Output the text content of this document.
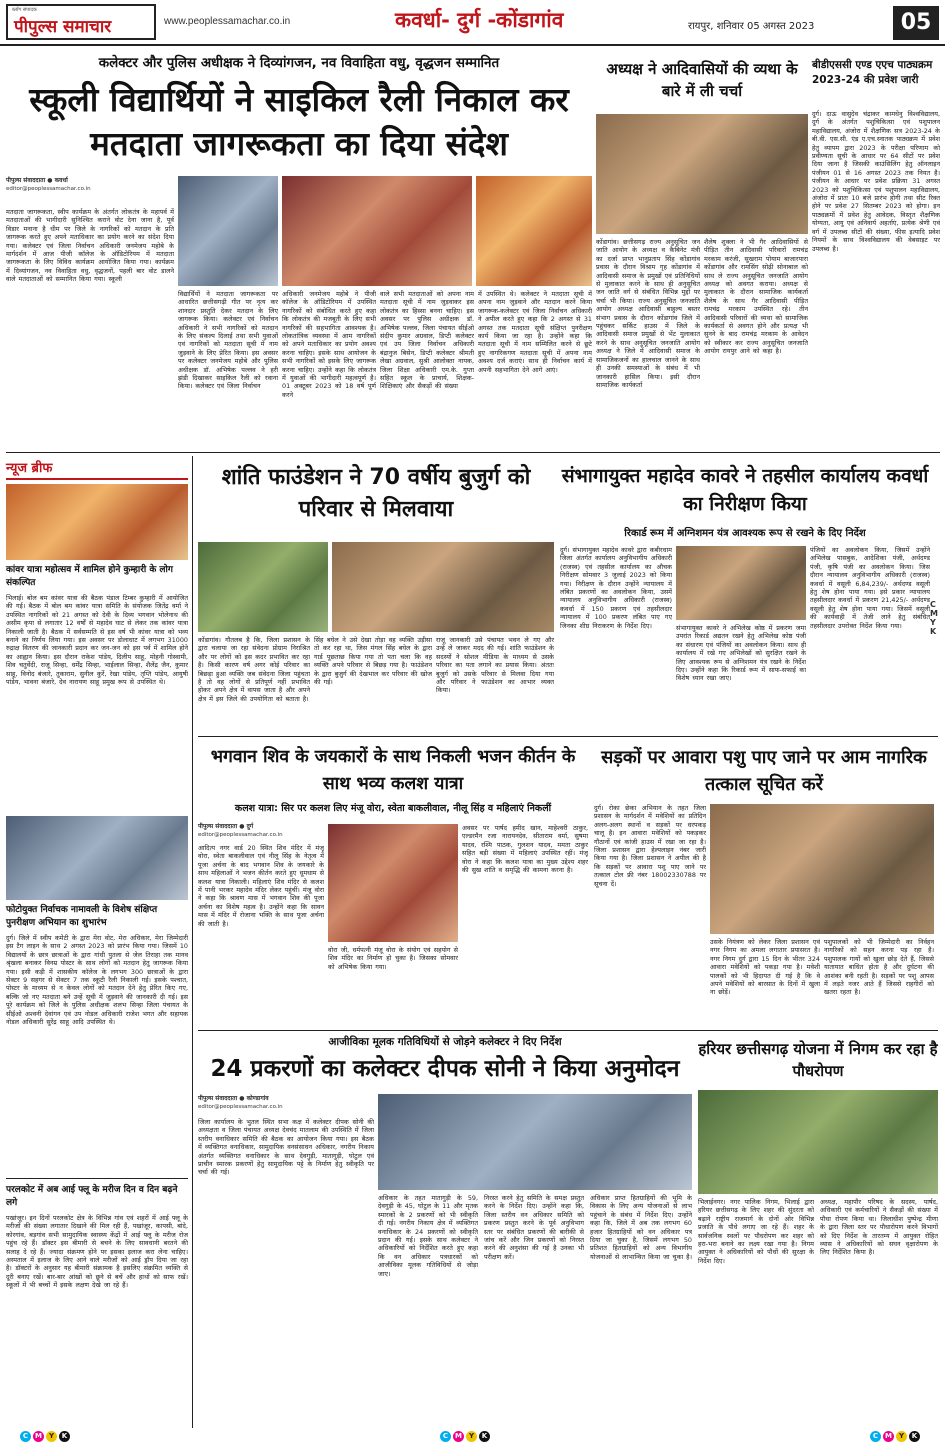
ब्लाॅग संपादक
पीपुल्स समाचार	www.peoplessamachar.co.in	कवर्धा- दुर्ग -कोंडागांव	रायपुर, शनिवार 05 अगस्त 2023	05
कलेक्टर और पुलिस अधीक्षक ने दिव्यांगजन, नव विवाहिता वधु, वृद्धजन सम्मानित
स्कूली विद्यार्थियों ने साइकिल रैली निकाल कर मतदाता जागरूकता का दिया संदेश
पीपुल्स संवाददाता ● कवर्धा
editor@peoplessamachar.co.in
मतदाता जागरूकता, स्वीप कार्यक्रम के अंतर्गत लोकतंत्र के महापर्व में मतदाताओं की भागीदारी सुनिश्चित कराने वोट देना जाना है, पूर्व विडार मनाना है धीम पर जिले के नागरिकों को मतदान के प्रति जागरूक करते हुए अपने मताधिकार का प्रयोग करने का संदेश दिया गया। कलेक्टर एवं जिला निर्वाचन अधिकारी जनमेजय महोबे के मार्गदर्शन में आज पीजी कॉलेज के ऑडिटोरियम में मतदाता जागरूकता के लिए विविध कार्यक्रम आयोजित किया गया। कार्यक्रम में दिव्यांगजन, नव विवाहिता वधु, वृद्धजनों, पहली बार वोट डालने वाले मतदाताओं को सम्मानित किया गया। स्कूली
विद्यार्थियों ने मतदाता जागरूकता पर आधारित छत्तीसगढ़ी गीत पर नृत्य कर शानदार प्रस्तुति देकर मतदान के लिए जागरूक किया। कलेक्टर एवं निर्वाचन अधिकारी ने सभी नागरिकों को मतदान के लिए संकल्प दिलाई तथा सभी युवाओं एवं नागरिकों को मतदाता सूची में नाम जुड़वाने के लिए प्रेरित किया। इस अवसर पर कलेक्टर जनमेजय महोबे और पुलिस अधीक्षक डॉ. अभिषेक पल्लव ने हरी झंडी दिखाकर साइकिल रैली को रवाना किया। कलेक्टर एवं जिला निर्वाचन
अधिकारी जनमेजय महोबे ने पीजी कॉलेज के ऑडिटोरियम में उपस्थित नागरिकों को संबोधित करते हुए कहा कि लोकतंत्र की मजबूती के लिए सभी नागरिकों की सहभागिता आवश्यक है। लोकतांत्रिक व्यवस्था में आम नागरिकों को अपने मताधिकार का प्रयोग अवश्य करना चाहिए। इसके साथ आयोजन के सभी नागरिकों को इसके लिए जागरूक करना चाहिए। उन्होंने कहा कि लोकतंत्र में युवाओं की भागीदारी महत्वपूर्ण है। 01 अक्टूबर 2023 को 18 वर्ष पूर्ण करने
वाले सभी मतदाताओं को अपना नाम मतदाता सूची में नाम जुड़वाकर इस लोकतंत्र का हिस्सा बनना चाहिए। इस अवसर पर पुलिस अधीक्षक डॉ. अभिषेक पल्लव, जिला पंचायत सीईओ संदीप कुमार अग्रवाल, डिप्टी कलेक्टर एवं उप जिला निर्वाचन अधिकारी बंद्रानुज बिसेन, डिप्टी कलेक्टर श्रीमती लेखा अग्रवाल, सुश्री आलोक्ता नायक, जिला शिक्षा अधिकारी एम.के. गुप्ता सहित स्कूल के प्राचार्य, शिक्षक-शिक्षिकाएं और सैकड़ों की संख्या
में उपस्थित थे। कलेक्टर ने मतदाता सूची में अपना नाम जुड़वाने और मतदान करने किया जागरूक-कलेक्टर एवं जिला निर्वाचन अधिकारी ने अपील करते हुए कहा कि 2 अगस्त से 31 अगस्त तक मतदाता सूची संक्षिप्त पुनरीक्षण कार्य किया जा रहा है। उन्होंने कहा कि मतदाता सूची में नाम सम्मिलित करने से छूटे हुए नागरिकगण मतदाता सूची में अपना नाम अवश्य दर्ज कराएं। साथ ही निर्वाचन कार्य में अपनी सहभागिता देने आगे आएं।
अध्यक्ष ने आदिवासियों की व्यथा के बारे में ली चर्चा
कोंडागांव। छत्तीसगढ़ राज्य अनुसूचित जन जाति आयोग के अध्यक्ष व कैबिनेट मंत्री का दर्जा प्राप्त भानुप्रताप सिंह कोंडागांव प्रवास के दौरान विश्राम गृह कोंडागांव में आदिवासी समाज के प्रमुखों एवं प्रतिनिधियों से मुलाकात करने के साथ ही अनुसूचित जन जाति वर्ग से संबंधित विभिन्न मुद्दों पर चर्चा भी किया। राज्य अनुसूचित जनजाति आयोग अध्यक्ष आदिवासी बाहुल्य बस्तर संभाग प्रवास के दौरान कोंडागांव जिले में पहुंचकर सर्किट हाउस में जिले के आदिवासी समाज प्रमुखों से भेंट मुलाकात करने के साथ अनुसूचित जनजाति आयोग अध्यक्ष ने जिले में आदिवासी समाज के सामाजिकजनों का हालचाल जानने के साथ ही उनकी समस्याओं के संबंध में भी जानकारी हासिल किया। इसी दौरान सामाजिक कार्यकर्ता
शैलेष शुक्ला ने भी गैर आदिवासियों से पीड़ित तीन आदिवासी परिवारों रामचंद्र मरकाम करंजी, सुखराम पोयाम बाजारपारा कोंडागांव और रामसिंग सोढ़ी सोनाबाल को साथ ले राज्य अनुसूचित जनजाति आयोग अध्यक्ष को अवगत कराया। अध्यक्ष से मुलाकात के दौरान सामाजिक कार्यकर्ता शैलेष के साथ गैर आदिवासी पीड़ित रामचंद्र मरकाम उपस्थित रहे। तीन आदिवासी परिवारों की व्यथा को सामाजिक कार्यकर्ता से अवगत होने और प्रत्यक्ष भी सुनने के बाद रामचंद्र मरकाम के आवेदन को स्वीकार कर राज्य अनुसूचित जनजाति आयोग रायपुर आने को कहा है।
बीडीएससी एण्ड एएच पाठ्यक्रम 2023-24 की प्रवेश जारी
दुर्ग। दाऊ वासुदेव चंद्राकर कामधेनु विश्वविद्यालय, दुर्ग के अंतर्गत पशुचिकित्सा एवं पशुपालन महाविद्यालय, अंजोरा में शैक्षणिक सत्र 2023-24 के बी.वी. एस.सी. एंड ए.एच.स्नातक पाठ्यक्रम में प्रवेश हेतु व्यापम द्वारा 2023 के परीक्षा परिणाम को प्रवीण्यता सूची के आधार पर 64 सीटों पर प्रवेश दिया जाना है जिसकी काउंसिलिंग हेतु ऑनलाइन पंजीयन 01 से 16 अगस्त 2023 तक नियत है। पंजीयन के आधार पर प्रवेश प्रक्रिया 31 अगस्त 2023 को पशुचिकित्सा एवं पशुपालन महाविद्यालय, अंजोरा में प्रातः 10 बजे प्रारंभ होगी तथा सीट रिक्त होने पर प्रवेश 27 सितम्बर 2023 को होगा। इन पाठ्यक्रमों में प्रवेश हेतु आवेदक, विस्तृत शैक्षणिक योग्यता, आयु एवं अनिवार्य अहर्ताएं, प्रत्येक श्रेणी एवं वर्ग में उपलब्ध सीटों की संख्या, फीस इत्यादि प्रवेश नियमों के साथ विश्वविद्यालय की वेबसाइट पर उपलब्ध है।
न्यूज ब्रीफ
कांवर यात्रा महोत्सव में शामिल होने कुम्हारी के लोग संकल्पित
भिलाई। बोल बम कांवर यात्रा की बैठक पंडाल टिम्बर कुम्हारी में आयोजित की गई। बैठक में बोल बम कांवर यात्रा समिति के संयोजक जितेंद्र वर्मा ने उपस्थित नागरिकों को 21 अगस्त को देवी के दिव्य भगवान भोलेनाथ की असीम कृपा से लगातार 12 वर्षों से महादेव घाट से लेकर तक कांवर यात्रा निकाली जाती है। बैठक में सर्वसम्मति से इस वर्ष भी कांवर यात्रा को भव्य बनाने का निर्णय लिया गया। इस अवसर पर डोलाधाट में लगभग 31000 रुद्राक्ष वितरण की जानकारी प्रदान कर जन-जन को इस पर्व में शामिल होने का आह्वान किया। इस दौरान राकेश पांडेय, दिलीप साहू, मोहनी गोस्वामी, शिव चतुर्वेदी, राजू सिन्हा, धर्मेंद्र सिन्हा, भाईलाल सिन्हा, शैलेंद्र जैन, कुमार साहू, विनोद बंजारे, तुकाराम, सुनील कुर्रे, रेखा पांडेय, तृप्ति पांडेय, आयुषी पांडेय, भावना बंजारे, देव नारायण साहू प्रमुख रूप से उपस्थित थे।
फोटोयुक्त निर्वाचक नामावली के विशेष संक्षिप्त पुनरीक्षण अभियान का शुभारंभ
दुर्ग। जिले में स्वीप कमेटी के द्वारा मेरा वोट, मेरा अधिकार, मेरा जिम्मेदारी इस टैग लाइन के साथ 2 अगस्त 2023 को प्रारंभ किया गया। जिसमें 10 विद्यालयों के छात्र छात्राओं के द्वारा गांधी पुतला से जेल तिराहा तक मानव श्रृंखला बनाकर विनम्र पोस्टर के साथ लोगों को मतदान हेतु जागरूक किया गया। इसी कड़ी में शासकीय कॉलेज के लगभग 300 छात्राओं के द्वारा सेक्टर 9 सहगर से सेक्टर 7 तक स्कूटी रैली निकाली गई। इसके पश्चात, पोस्टर के माध्यम से न केवल लोगों को मतदान देने हेतु प्रेरित किए गए, बल्कि जो नए मतदाता बने उन्हें सूची में जुड़वाने की जानकारी दी गई। इस पूरे कार्यक्रम को जिले के पुलिस अधीक्षक शलभ सिन्हा जिला पंचायत के सीईओ अश्वनी देवांगन एवं उप नोडल अधिकारी राजेश भगत और सहायक नोडल अधिकारी सुरेंद्र साहू आदि उपस्थित थे।
परलकोट में अब आई फ्लू के मरीज दिन व दिन बढ़ने लगे
पखांजूर। इन दिनों परलकोट क्षेत्र के विभिन्न गांव एवं शहरों में आई फ्लू के मरीजों की संख्या लगातार दिखाने की मिल रही हैं, पखांजूर, कापसी, बांदे, कोरगांव, बड़गांव सभी सामुदायिक स्वास्थ्य केंद्रों में आई फ्लू के मरीज रोज पहुंच रहे हैं। डॉक्टर इस बीमारी से बचने के लिए सावधानी बरतने की सलाह दे रहे हैं। ज्यादा संक्रमण होने पर इसका इलाज करा लेना चाहिए। अस्पताल में इलाज के लिए आने वाले मरीजों को आई ड्रॉप दिया जा रहा है। डॉक्टरों के अनुसार यह बीमारी संक्रामक है इसलिए संक्रमित व्यक्ति से दूरी बनाए रखें। बार-बार आंखों को छूने से बचें और हाथों को साफ रखें। स्कूलों में भी बच्चों में इसके लक्षण देखे जा रहे हैं।
शांति फाउंडेशन ने 70 वर्षीय बुजुर्ग को परिवार से मिलवाया
कोंडागांव। गौतलब है कि, जिला प्रशासन के द्वारा चलाया जा रहा संवेदना प्रोग्राम निराश्रित और पर लोगों को इस कदर प्रभावित कर रहा है। किसी कारण वर्ष अगर कोई परिवार का बिछड़ा हुआ व्यक्ति जब संवेदना जिला पहुंचता है तो वह लोगों से प्रतिपूर्ण नहीं प्रभावित होकर अपने क्षेत्र में वापस जाता है और अपने क्षेत्र में इस जिले की उपयोगिता को बताता है।
सिंह बघेल ने उसे देखा तोड़ा वह व्यक्ति उड़ीसा तो कर रहा था, जिस मंगल सिंह बघेल के द्वारा गार्ड पूछताछ किया गया तो पता चला कि वह व्यक्ति अपने परिवार से बिछड़ गया है। फाउंडेशन के द्वारा बुजुर्ग की देखभाल कर परिवार की खोज की गई।
राजू जानकारी उसे पंचायत भवन ले गए और उन्हें ले जाकर मदद की गई। शांति फाउंडेशन के सदस्यों ने सोशल मीडिया के माध्यम से उसके परिवार का पता लगाने का प्रयास किया। अंततः बुजुर्ग को उसके परिवार से मिलवा दिया गया और परिवार ने फाउंडेशन का आभार व्यक्त किया।
संभागायुक्त महादेव कावरे ने तहसील कार्यालय कवर्धा का निरीक्षण किया
रिकार्ड रूम में अग्निशमन यंत्र आवश्यक रूप से रखने के दिए निर्देश
दुर्ग। संभागायुक्त महादेव कावरे द्वारा कबीरधाम जिला अंतर्गत कार्यालय अनुविभागीय अधिकारी (राजस्व) एवं तहसील कार्यालय का औचक निरीक्षण सोमवार 3 जुलाई 2023 को किया गया। निरीक्षण के दौरान उन्होंने न्यायालय में लंबित प्रकरणों का अवलोकन किया, उसमें न्यायालय अनुविभागीय अधिकारी (राजस्व) कवर्धा में 150 प्रकरण एवं तहसीलदार न्यायालय में 100 प्रकरण लंबित पाए गए जिनका शीघ्र निराकरण के निर्देश दिए।	संभागायुक्त कावरे ने अभिलेख कोष्ठ में प्रकरण जमा उपरांत रिकार्ड अद्यतन रखने हेतु अभिलेख कोष्ठ पंजी का संधारण एवं पंजियों का अवलोकन किया। साथ ही कार्यालय में रखे गए अभिलेखों को सुरक्षित रखने के लिए आवश्यक रूप से अग्निशमन यंत्र रखने के निर्देश दिए। उन्होंने कहा कि रिकार्ड रूम में साफ-सफाई का विशेष ध्यान रखा जाए।
पंजियों का अवलोकन किया, जिसमें उन्होंने अभिलेख पासबुक, आदेशिका पंजी, अर्थदण्ड पंजी, कृषि पंजी का अवलोकन किया। जिस दौरान न्यायालय अनुविभागीय अधिकारी (राजस्व) कवर्धा में वसूली 6,84,239/- अर्थदण्ड वसूली हेतु शेष होना पाया गया। इसे प्रकार न्यायालय तहसीलदार कवर्धा में प्रकरण 21,425/- अर्थदण्ड वसूली हेतु शेष होना पाया गया। जिसमें वसूली की कार्यवाही में तेजी लाने हेतु संबंधित तहसीलदार उपरोक्त निर्देश किया गया।
C
M
Y
K
भगवान शिव के जयकारों के साथ निकली भजन कीर्तन के साथ भव्य कलश यात्रा
कलश यात्रा: सिर पर कलश लिए मंजू वोरा, स्वेता बाकलीवाल, नीलू सिंह व महिलाएं निकलीं
पीपुल्स संवाददाता ● दुर्ग
editor@peoplessamachar.co.in
आदित्य नगर वार्ड 20 स्थित शिव मंदिर में मंजू वोरा, स्वेता बाकलीवाल एवं नीलू सिंह के नेतृत्व में पूजा अर्चना के बाद भगवान शिव के जयकारे के साथ महिलाओं ने भजन कीर्तन करते हुए धूमधाम से कलश यात्रा निकाली। महिलाएं शिव मंदिर से कलश में पानी भरकर महादेव मंदिर लेकर पहुंचीं। मंजू वोरा ने कहा कि श्रावण मास में भगवान शिव की पूजा अर्चना का विशेष महत्व है। उन्होंने कहा कि सावन मास में मंदिर में रोजाना भक्ति के साथ पूजा अर्चना की जाती है।
वोरा जी, धर्मपत्नी मंजू वोरा के संयोग एवं सहयोग से शिव मंदिर का निर्माण हो चुका है। जिसका सोमवार को अभिषेक किया गया।
अवसर पर पार्षद हमीद खान, माहेश्वरी ठाकुर, एल्डरमैन रजा नारायनदेव, सीताराम वर्मा, सुषमा यादव, रश्मि पाठक, गुलशन यादव, ममता ठाकुर सहित बड़ी संख्या में महिलाएं उपस्थित रहीं। मंजू वोरा ने कहा कि कलश यात्रा का मुख्य उद्देश्य शहर की सुख शांति व समृद्धि की कामना करना है।
सड़कों पर आवारा पशु पाए जाने पर आम नागरिक तत्काल सूचित करें
दुर्ग। रोका छेका अभियान के तहत जिला प्रशासन के मार्गदर्शन में मवेशियों का प्रतिदिन अलग-अलग स्थानों व सड़कों पर धरपकड़ चालू है। इन आवारा मवेशियों को पकड़कर गौठानों एवं कांजी हाउस में रखा जा रहा है। जिला प्रशासन द्वारा हेल्पलाइन नंबर जारी किया गया है। जिला प्रशासन ने अपील की है कि सड़कों पर आवारा पशु पाए जाने पर तत्काल टोल फ्री नंबर 18002330788 पर सूचना दें।
उसके नियंत्रण को लेकर जिला प्रशासन एवं नगर निगम का अमला लगातार प्रयासरत है। नगर निगम दुर्ग द्वारा 15 दिन के भीतर 324 आवारा मवेशियों को पकड़ा गया है। मवेशी पालकों को भी हिदायत दी गई है कि वे अपने मवेशियों को बारसात के दिनों में खुला ना छोड़ें।
पशुपालकों को भी जिम्मेदारी का निर्वहन नागरिकों को सहन करना पड़ रहा है। पशुपालक गायों को खुला छोड़ देते हैं, जिससे यातायात बाधित होता है और दुर्घटना की आशंका बनी रहती है। सड़कों पर पशु आपस में लड़ते नजर आते हैं जिससे राहगीरों को खतरा रहता है।
आजीविका मूलक गतिविधियों से जोड़ने कलेक्टर ने दिए निर्देश
24 प्रकरणों का कलेक्टर दीपक सोनी ने किया अनुमोदन
पीपुल्स संवाददाता ● कोण्डागांव
editor@peoplessamachar.co.in
जिला कार्यालय के भुतल स्थित सभा कक्ष में कलेक्टर दीपक सोनी की अध्यक्षता व जिला पंचायत अध्यक्ष देवचंद मातलाम की उपस्थिति में जिला स्तरीय वनाधिकार समिति की बैठक का आयोजन किया गया। इस बैठक में व्यक्तिगत वनाधिकार, सामुदायिक वनसंसाधन अधिकार, नगरीय निकाय अंतर्गत व्यक्तिगत वनाधिकार के साथ देवगुड़ी, मातागुड़ी, घोटुल एवं प्राचीन स्मारक प्रकरणों हेतु सामुदायिक पट्टे के निर्माण हेतु स्वीकृति पर चर्चा की गई।
अधिकार के तहत मातागुड़ी के 59, देवगुड़ी के 45, घोटुल के 11 और मृतक स्मारकों के 2 प्रकरणों को भी स्वीकृति दी गई। नगरीय निकाय क्षेत्र में व्यक्तिगत वनाधिकार के 24 प्रकरणों को स्वीकृति प्रदान की गई। इसके साथ कलेक्टर ने अधिकारियों को निर्देशित करते हुए कहा कि वन अधिकार पत्रधारकों को आजीविका मूलक गतिविधियों से जोड़ा जाए।
निरस्त करने हेतु समिति के समक्ष प्रस्तुत करने के निर्देश दिए। उन्होंने कहा कि, जिला स्तरीय वन अधिकार समिति को प्रकरण प्रस्तुत करने के पूर्व अनुविभाग स्तर पर संबंधित प्रकरणों की बारीकी से जांच करें और जिन प्रकरणों को निरस्त करने की अनुशंसा की गई है उनका भी परीक्षण करें।
अधिकार प्राप्त हितग्राहियों की भूमि के विकास के लिए अन्य योजनाओं से लाभ पहुंचाने के संबंध में निर्देश दिए। उन्होंने कहा कि, जिले में अब तक लगभग 60 हजार हितग्राहियों को वन अधिकार पत्र दिया जा चुका है, जिसमें लगभग 50 प्रतिशत हितग्राहियों को अन्य विभागीय योजनाओं से लाभान्वित किया जा चुका है।
हरियर छत्तीसगढ़ योजना में निगम कर रहा है पौधरोपण
भिलाईनगर। नगर पालिक निगम, भिलाई द्वारा हरियर छत्तीसगढ़ के लिए शहर की सुंदरता को बढ़ाने राष्ट्रीय राजमार्ग के दोनों ओर विभिन्न प्रजाति के पौधे लगाए जा रहे हैं। शहर के सार्वजनिक स्थलों पर पौधरोपण कर शहर को हरा-भरा बनाने का लक्ष्य रखा गया है। निगम आयुक्त ने अधिकारियों को पौधों की सुरक्षा के निर्देश दिए।
अध्यक्ष, महापौर परिषद के सदस्य, पार्षद, अधिकारी एवं कर्मचारियों ने सैकड़ों की संख्या में पौधा रोपण किया था। जिलाधीश पुष्पेन्द्र मीणा के द्वारा जिला स्तर पर पौधारोपण करने विभागों को दिए निर्देश के तारतम्य में आयुक्त रोहित व्यास ने अधिकारियों को सघन वृक्षारोपण के लिए निर्देशित किया है।
C M Y	K	C M Y	K	C M Y	K
